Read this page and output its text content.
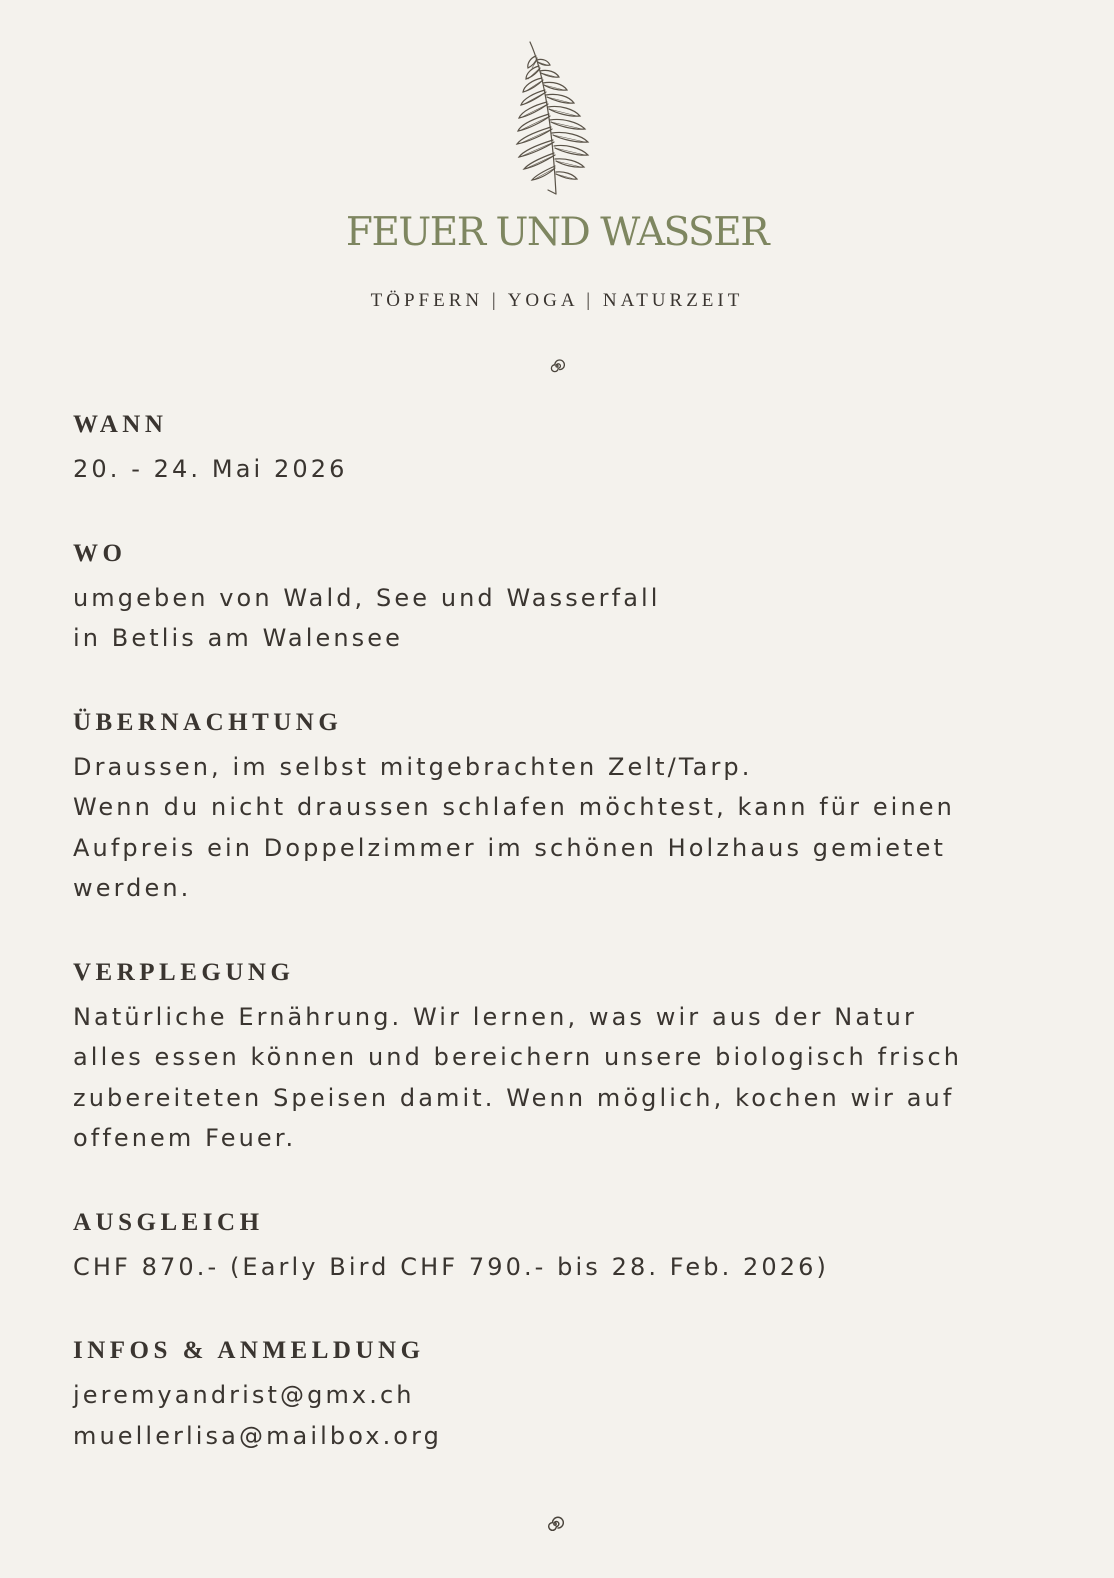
FEUER UND WASSER
TÖPFERN | YOGA | NATURZEIT
WANN
20. - 24. Mai 2026
WO
umgeben von Wald, See und Wasserfall
in Betlis am Walensee
ÜBERNACHTUNG
Draussen, im selbst mitgebrachten Zelt/Tarp.
Wenn du nicht draussen schlafen möchtest, kann für einen
Aufpreis ein Doppelzimmer im schönen Holzhaus gemietet
werden.
VERPLEGUNG
Natürliche Ernährung. Wir lernen, was wir aus der Natur
alles essen können und bereichern unsere biologisch frisch
zubereiteten Speisen damit. Wenn möglich, kochen wir auf
offenem Feuer.
AUSGLEICH
CHF 870.- (Early Bird CHF 790.- bis 28. Feb. 2026)
INFOS & ANMELDUNG
jeremyandrist@gmx.ch
muellerlisa@mailbox.org
